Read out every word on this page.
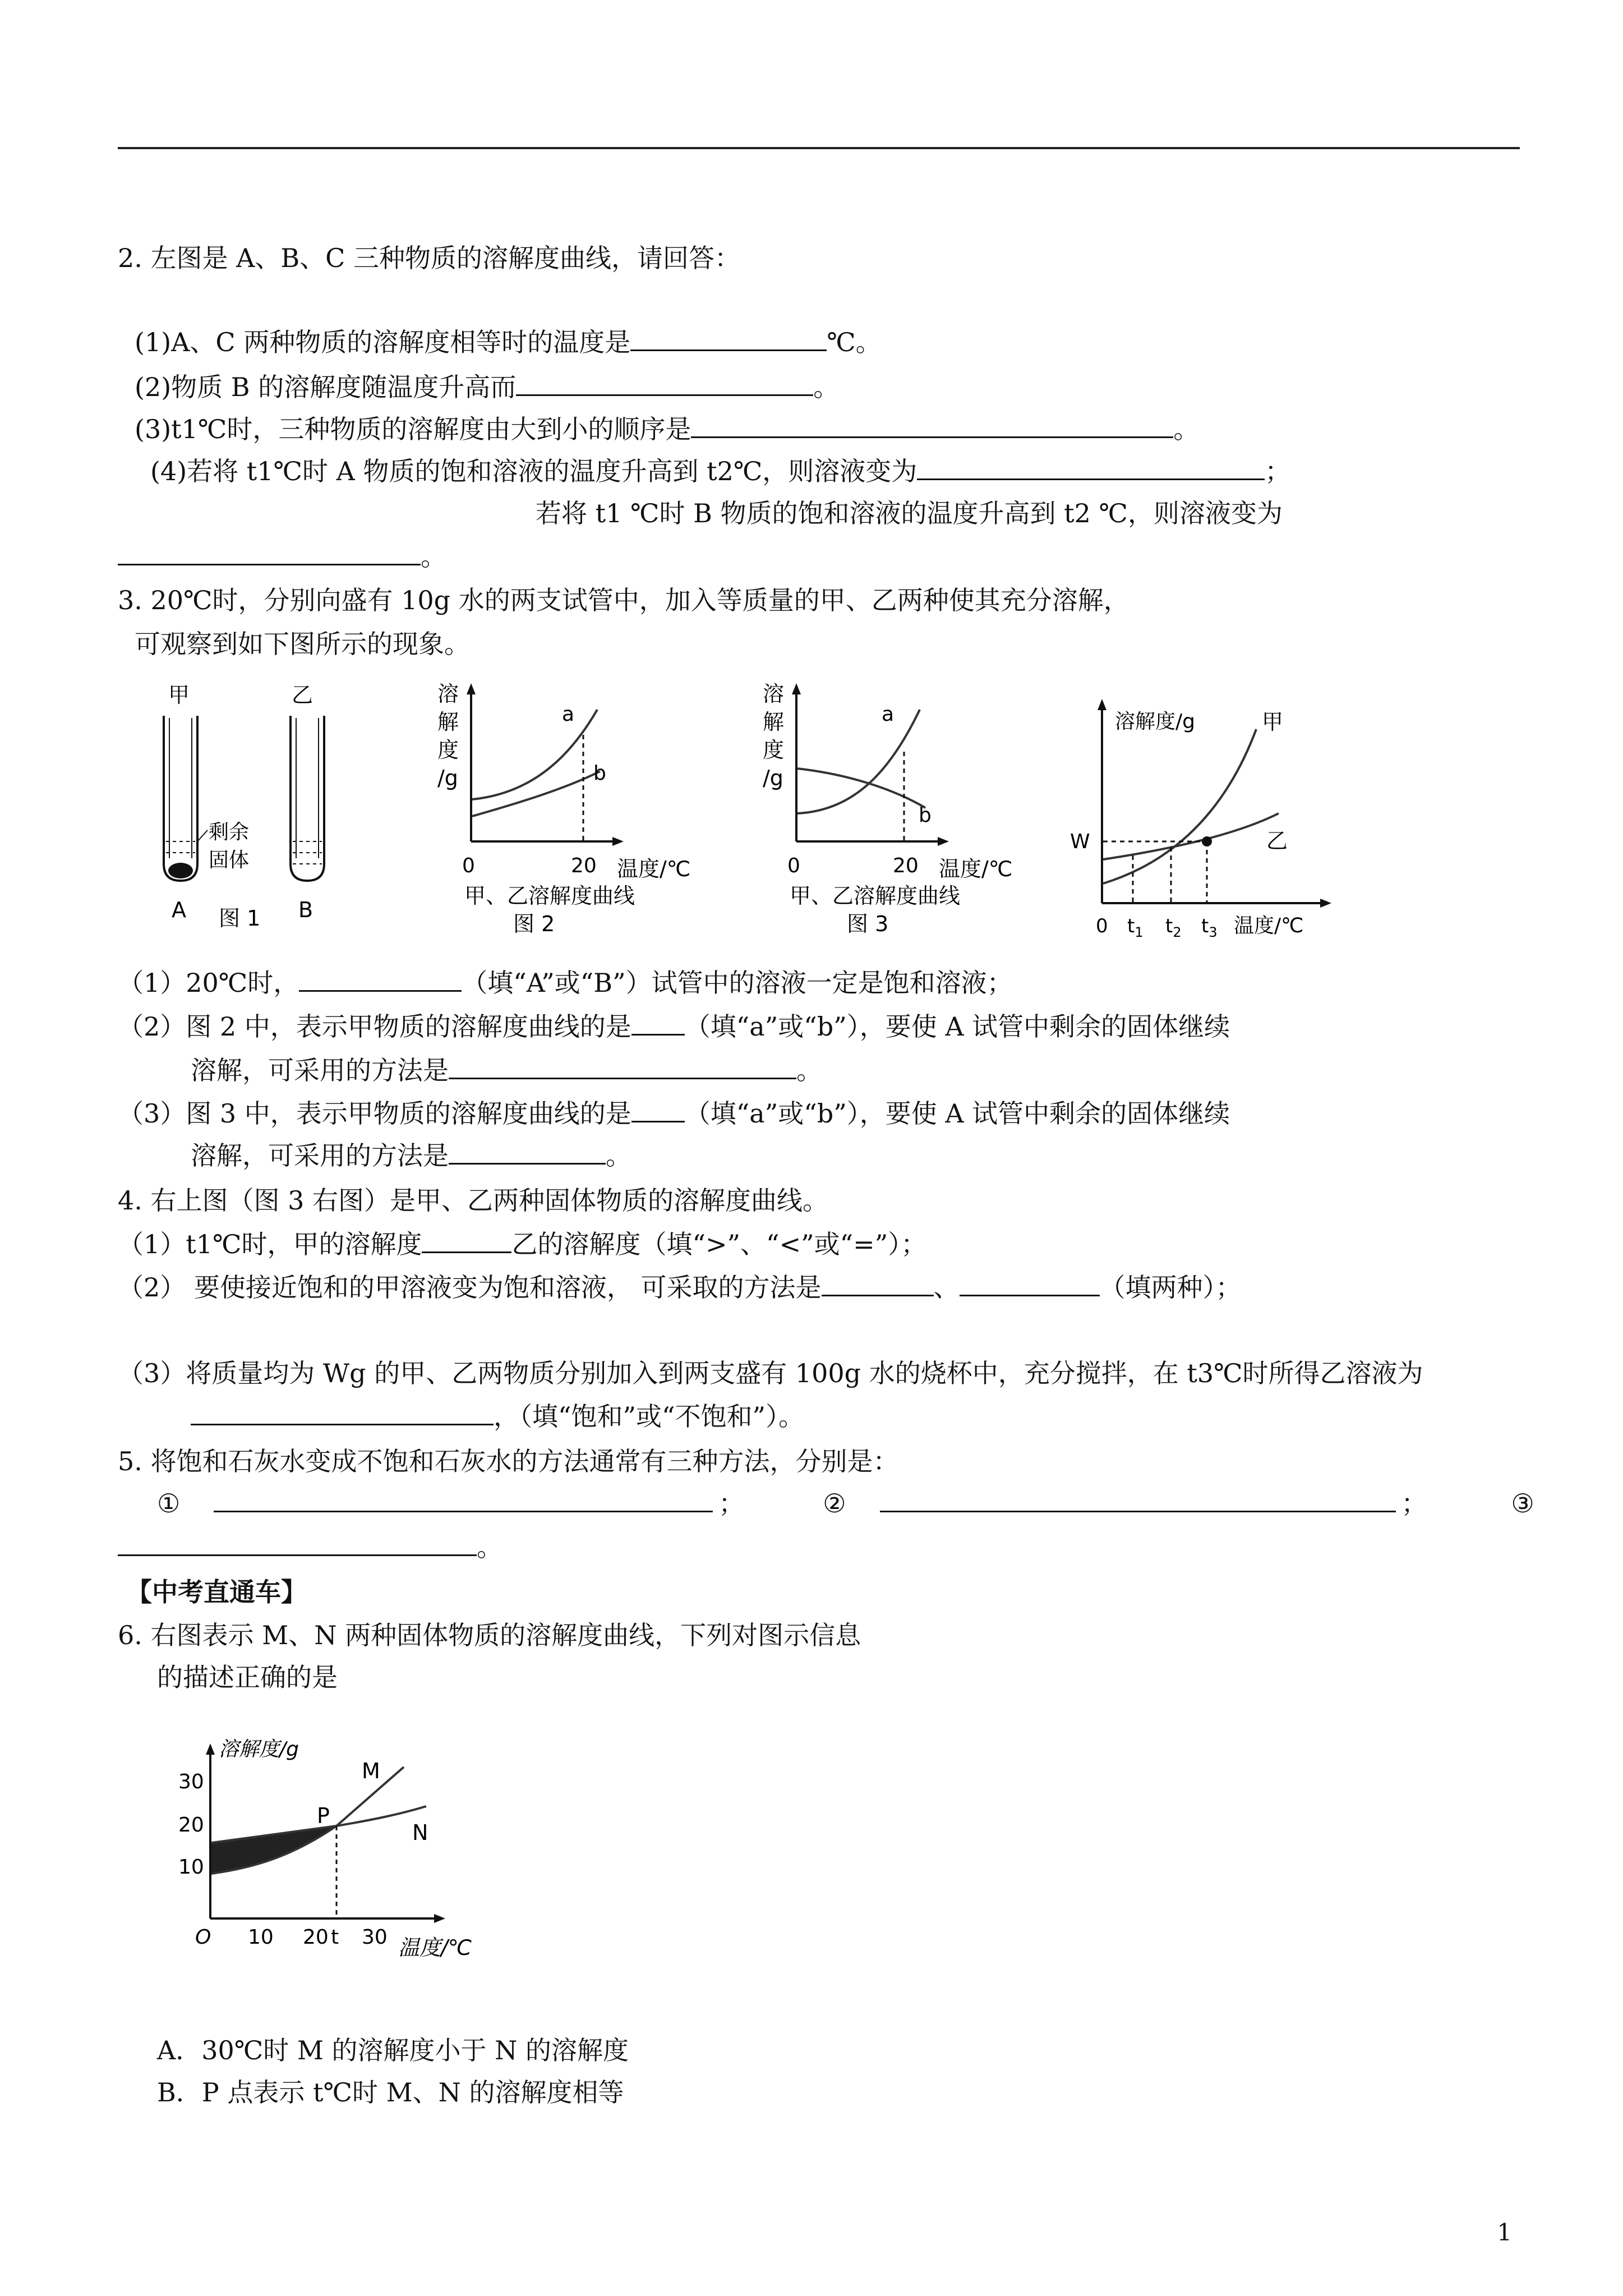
2. 左图是 A、B、C 三种物质的溶解度曲线，请回答：
(1)A、C 两种物质的溶解度相等时的温度是	℃。
(2)物质 B 的溶解度随温度升高而	。
(3)t1℃时，三种物质的溶解度由大到小的顺序是	。
(4)若将 t1℃时 A 物质的饱和溶液的温度升高到 t2℃，则溶液变为	；
若将 t1 ℃时 B 物质的饱和溶液的温度升高到 t2 ℃，则溶液变为
。
3. 20℃时，分别向盛有 10g 水的两支试管中，加入等质量的甲、乙两种使其充分溶解，
可观察到如下图所示的现象。
甲	乙
剩余
固体
A 图 1 B
溶
解
度
/g
a
b
0	20 温度/℃
甲、乙溶解度曲线
图 2
溶
解
度
/g
a
b
0	20 温度/℃
甲、乙溶解度曲线
图 3
溶解度/g	甲
乙
W
0 $t_1$ $t_2$ $t_3$ 温度/℃
（1）20℃时，	（填“A”或“B”）试管中的溶液一定是饱和溶液；
（2）图 2 中，表示甲物质的溶解度曲线的是 （填“a”或“b”），要使 A 试管中剩余的固体继续
溶解，可采用的方法是	。
（3）图 3 中，表示甲物质的溶解度曲线的是 （填“a”或“b”），要使 A 试管中剩余的固体继续
溶解，可采用的方法是	。
4. 右上图（图 3 右图）是甲、乙两种固体物质的溶解度曲线。
（1）t1℃时，甲的溶解度	乙的溶解度（填“>”、“<”或“=”）；
（2） 要使接近饱和的甲溶液变为饱和溶液， 可采取的方法是	、	（填两种）；
（3）将质量均为 Wg 的甲、乙两物质分别加入到两支盛有 100g 水的烧杯中，充分搅拌，在 t3℃时所得乙溶液为
，（填“饱和”或“不饱和”）。
5. 将饱和石灰水变成不饱和石灰水的方法通常有三种方法，分别是：
①	；	②	；	③
。
【中考直通车】
6. 右图表示 M、N 两种固体物质的溶解度曲线，下列对图示信息
的描述正确的是
溶解度/g
30
20
10
M
N
P
O 10 20 t 30 温度/℃
A．30℃时 M 的溶解度小于 N 的溶解度
B．P 点表示 t℃时 M、N 的溶解度相等
1
